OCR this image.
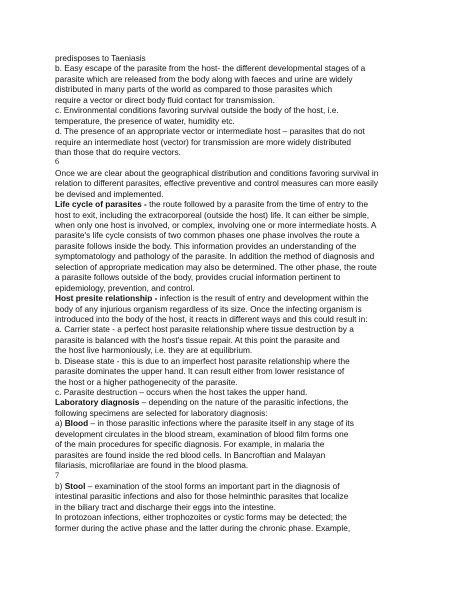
predisposes to Taeniasis
b. Easy escape of the parasite from the host- the different developmental stages of a
parasite which are released from the body along with faeces and urine are widely
distributed in many parts of the world as compared to those parasites which
require a vector or direct body fluid contact for transmission.
c. Environmental conditions favoring survival outside the body of the host, i.e.
temperature, the presence of water, humidity etc.
d. The presence of an appropriate vector or intermediate host – parasites that do not
require an intermediate host (vector) for transmission are more widely distributed
than those that do require vectors.
6
Once we are clear about the geographical distribution and conditions favoring survival in
relation to different parasites, effective preventive and control measures can more easily
be devised and implemented.
Life cycle of parasites - the route followed by a parasite from the time of entry to the
host to exit, including the extracorporeal (outside the host) life. It can either be simple,
when only one host is involved, or complex, involving one or more intermediate hosts. A
parasite's life cycle consists of two common phases one phase involves the route a
parasite follows inside the body. This information provides an understanding of the
symptomatology and pathology of the parasite. In addition the method of diagnosis and
selection of appropriate medication may also be determined. The other phase, the route
a parasite follows outside of the body, provides crucial information pertinent to
epidemiology, prevention, and control.
Host presite relationship - infection is the result of entry and development within the
body of any injurious organism regardless of its size. Once the infecting organism is
introduced into the body of the host, it reacts in different ways and this could result in:
a. Carrier state - a perfect host parasite relationship where tissue destruction by a
parasite is balanced with the host's tissue repair. At this point the parasite and
the host live harmoniously, i.e. they are at equilibrium.
b. Disease state - this is due to an imperfect host parasite relationship where the
parasite dominates the upper hand. It can result either from lower resistance of
the host or a higher pathogenecity of the parasite.
c. Parasite destruction – occurs when the host takes the upper hand.
Laboratory diagnosis – depending on the nature of the parasitic infections, the
following specimens are selected for laboratory diagnosis:
a) Blood – in those parasitic infections where the parasite itself in any stage of its
development circulates in the blood stream, examination of blood film forms one
of the main procedures for specific diagnosis. For example, in malaria the
parasites are found inside the red blood cells. In Bancroftian and Malayan
filariasis, microfilariae are found in the blood plasma.
7
b) Stool – examination of the stool forms an important part in the diagnosis of
intestinal parasitic infections and also for those helminthic parasites that localize
in the biliary tract and discharge their eggs into the intestine.
In protozoan infections, either trophozoites or cystic forms may be detected; the
former during the active phase and the latter during the chronic phase. Example,
